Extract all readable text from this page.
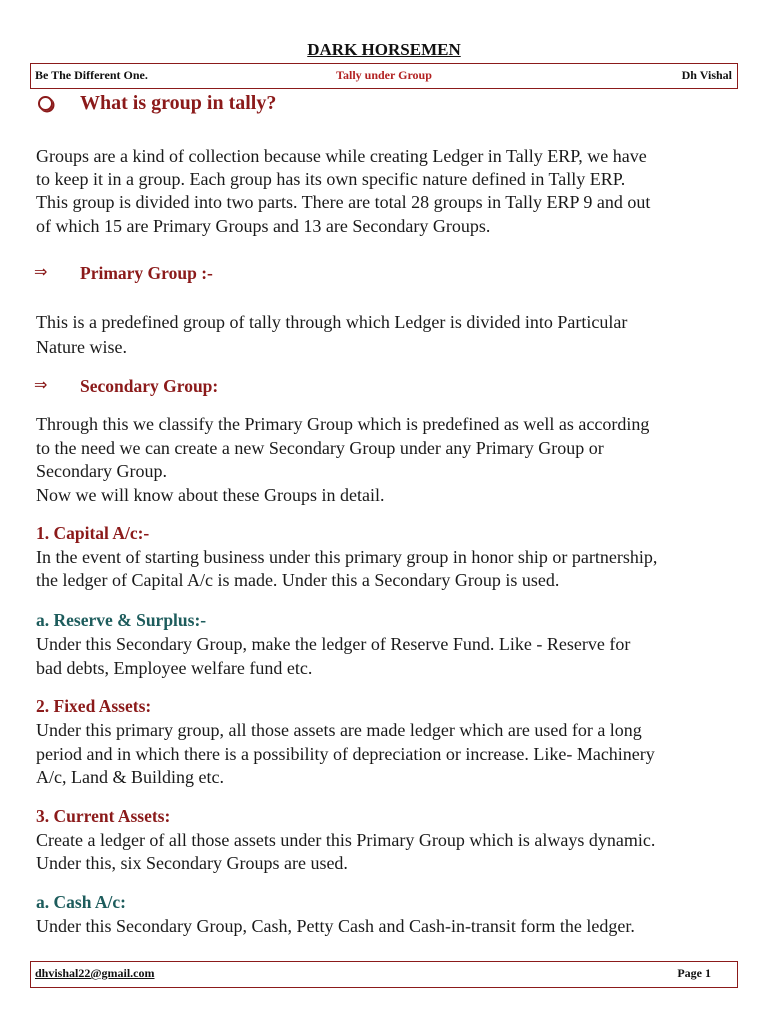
DARK HORSEMEN
Be The Different One.	Tally under Group	Dh Vishal
What is group in tally?
Groups are a kind of collection because while creating Ledger in Tally ERP, we have
to keep it in a group. Each group has its own specific nature defined in Tally ERP.
This group is divided into two parts. There are total 28 groups in Tally ERP 9 and out
of which 15 are Primary Groups and 13 are Secondary Groups.
⇒ Primary Group :-
This is a predefined group of tally through which Ledger is divided into Particular
Nature wise.
⇒ Secondary Group:
Through this we classify the Primary Group which is predefined as well as according
to the need we can create a new Secondary Group under any Primary Group or
Secondary Group.
Now we will know about these Groups in detail.
1. Capital A/c:-
In the event of starting business under this primary group in honor ship or partnership,
the ledger of Capital A/c is made. Under this a Secondary Group is used.
a. Reserve & Surplus:-
Under this Secondary Group, make the ledger of Reserve Fund. Like - Reserve for
bad debts, Employee welfare fund etc.
2. Fixed Assets:
Under this primary group, all those assets are made ledger which are used for a long
period and in which there is a possibility of depreciation or increase. Like- Machinery
A/c, Land & Building etc.
3. Current Assets:
Create a ledger of all those assets under this Primary Group which is always dynamic.
Under this, six Secondary Groups are used.
a. Cash A/c:
Under this Secondary Group, Cash, Petty Cash and Cash-in-transit form the ledger.
dhvishal22@gmail.com	Page 1
